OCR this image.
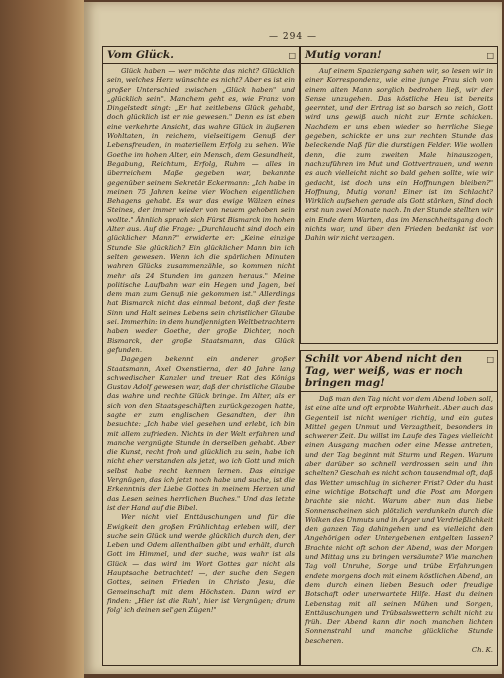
— 294 —
Vom Glück.	□

Glück haben — wer möchte das nicht? Glücklich sein, welches Herz wünschte es nicht? Aber es ist ein großer Unterschied zwischen „Glück haben" und „glücklich sein". Manchem geht es, wie Franz von Dingelstedt singt: „Er hat zeitlebens Glück gehabt, doch glücklich ist er nie gewesen." Denn es ist eben eine verkehrte Ansicht, das wahre Glück in äußeren Wohltaten, in reichem, vielseitigem Genuß der Lebensfreuden, in materiellem Erfolg zu sehen. Wie Goethe im hohen Alter, ein Mensch, dem Gesundheit, Begabung, Reichtum, Erfolg, Ruhm — alles in überreichem Maße gegeben war, bekannte gegenüber seinem Sekretär Eckermann: „Ich habe in meinen 75 Jahren keine vier Wochen eigentlichen Behagens gehabt. Es war das ewige Wälzen eines Steines, der immer wieder von neuem gehoben sein wollte." Ähnlich sprach sich Fürst Bismarck im hohen Alter aus. Auf die Frage: „Durchlaucht sind doch ein glücklicher Mann?" erwiderte er: „Keine einzige Stunde Sie glücklich? Ein glücklicher Mann bin ich selten gewesen. Wenn ich die spärlichen Minuten wahren Glücks zusammenzähle, so kommen nicht mehr als 24 Stunden im ganzen heraus." Meine politische Laufbahn war ein Hegen und Jagen, bei dem man zum Genuß nie gekommen ist." Allerdings hat Bismarck nicht das einmal betont, daß der feste Sinn und Halt seines Lebens sein christlicher Glaube sei. Immerhin: in dem hundjennigten Weltbetrachtern haben weder Goethe, der große Dichter, noch Bismarck, der große Staatsmann, das Glück gefunden.

Dagegen bekennt ein anderer großer Staatsmann, Axel Oxenstierna, der 40 Jahre lang schwedischer Kanzler und treuer Rat des Königs Gustav Adolf gewesen war, daß der christliche Glaube das wahre und rechte Glück bringe. Im Alter, als er sich von den Staatsgeschäften zurückgezogen hatte, sagte er zum englischen Gesandten, der ihn besuchte: „Ich habe viel gesehen und erlebt, ich bin mit allem zufrieden. Nichts in der Welt erfahren und manche vergnügte Stunde in derselben gehabt. Aber die Kunst, recht froh und glücklich zu sein, habe ich nicht eher verstanden als jetzt, wo ich Gott und mich selbst habe recht kennen lernen. Das einzige Vergnügen, das ich jetzt noch habe und suche, ist die Erkenntnis der Liebe Gottes in meinem Herzen und das Lesen seines herrlichen Buches." Und das letzte ist der Hand auf die Bibel.

Wer nicht viel Enttäuschungen und für die Ewigkeit den großen Frühlichtag erleben will, der suche sein Glück und werde glücklich durch den, der Leben und Odem allenthalben gibt und erhält, durch Gott im Himmel, und der suche, was wahr ist als Glück — das wird im Wort Gottes gar nicht als Hauptsache betrachtet! —, der suche den Segen Gottes, seinen Frieden in Christo Jesu, die Gemeinschaft mit dem Höchsten. Dann wird er finden: „Hier ist die Ruh', hier ist Vergnügen; drum folg' ich deinen sel'gen Zügen!"

Mutig voran!	□

Auf einem Spaziergang sahen wir, so lesen wir in einer Korrespondenz, wie eine junge Frau sich von einem alten Mann sorglich bedrohen ließ, wir der Sense unzugehen. Das köstliche Heu ist bereits geerntet, und der Ertrag ist so barsch so reich, Gott wird uns gewiß auch nicht zur Ernte schicken. Nachdem er uns eben wieder so herrliche Siege gegeben, schickte er uns zur rechten Stunde das beleckende Naß für die durstigen Felder. Wie wollen denn, die zum zweiten Male hinauszogen, nachzuführen im Mut und Gottvertrauen, und wenn es auch vielleicht nicht so bald gehen sollte, wie wir gedacht, ist doch uns ein Hoffnungen bleiben?" Hoffnung, Mutig voran! Einer ist im Schlacht? Wirklich aufsehen gerade als Gott stärken, Sind doch erst nun zwei Monate nach. In der Stunde stellten wir ein Ende dem Warten, das im Menschheitsgang doch nichts war, und über den Frieden bedankt ist vor Dahin wir nicht verzagen.

Schilt vor Abend nicht den Tag, wer weiß, was er noch bringen mag!
□

Daß man den Tag nicht vor dem Abend loben soll, ist eine alte und oft erprobte Wahrheit. Aber auch das Gegenteil ist nicht weniger richtig, und ein gutes Mittel gegen Unmut und Verzagtheit, besonders in schwerer Zeit. Du willst im Laufe des Tages vielleicht einen Ausgang machen oder eine Messe antreten, und der Tag beginnt mit Sturm und Regen. Warum aber darüber so schnell verdrossen sein und ihn schelten? Geschah es nicht schon tausendmal oft, daß das Wetter umschlug in sicherer Frist? Oder du hast eine wichtige Botschaft und die Post am Morgen brachte sie nicht. Warum aber nun das liebe Sonnenscheinen sich plötzlich verdunkeln durch die Wolken des Unmuts und in Ärger und Verdrießlichkeit den ganzen Tag dahingehen und es vielleicht den Angehörigen oder Untergebenen entgelten lassen? Brachte nicht oft schon der Abend, was der Morgen und Mittag uns zu bringen versäumte? Wie manchen Tag voll Unruhe, Sorge und trübe Erfahrungen endete morgens doch mit einem köstlichen Abend, an dem durch einen lieben Besuch oder freudige Botschaft oder unerwartete Hilfe. Hast du deinen Lebenstag mit all seinen Mühen und Sorgen, Enttäuschungen und Trübsalswettern schilt nicht zu früh. Der Abend kann dir noch manchen lichten Sonnenstrahl und manche glückliche Stunde bescheren.

Ch. K.
